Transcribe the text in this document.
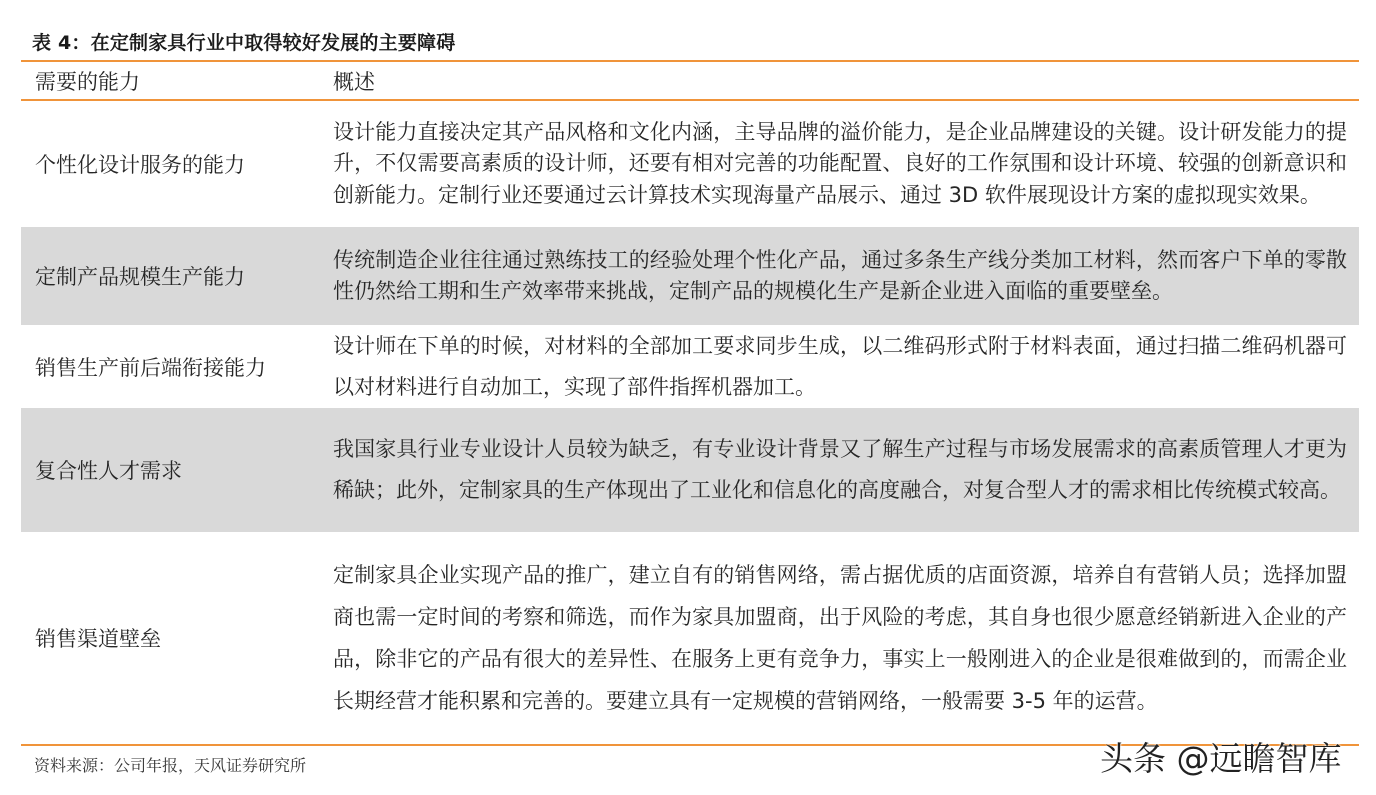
表 4：在定制家具行业中取得较好发展的主要障碍
需要的能力	概述
个性化设计服务的能力

设计能力直接决定其产品风格和文化内涵，主导品牌的溢价能力，是企业品牌建设的关键。设计研发能力的提升，不仅需要高素质的设计师，还要有相对完善的功能配置、良好的工作氛围和设计环境、较强的创新意识和创新能力。定制行业还要通过云计算技术实现海量产品展示、通过 3D 软件展现设计方案的虚拟现实效果。

定制产品规模生产能力

传统制造企业往往通过熟练技工的经验处理个性化产品，通过多条生产线分类加工材料，然而客户下单的零散性仍然给工期和生产效率带来挑战，定制产品的规模化生产是新企业进入面临的重要壁垒。

销售生产前后端衔接能力

设计师在下单的时候，对材料的全部加工要求同步生成，以二维码形式附于材料表面，通过扫描二维码机器可以对材料进行自动加工，实现了部件指挥机器加工。

复合性人才需求

我国家具行业专业设计人员较为缺乏，有专业设计背景又了解生产过程与市场发展需求的高素质管理人才更为稀缺；此外，定制家具的生产体现出了工业化和信息化的高度融合，对复合型人才的需求相比传统模式较高。

销售渠道壁垒

定制家具企业实现产品的推广，建立自有的销售网络，需占据优质的店面资源，培养自有营销人员；选择加盟商也需一定时间的考察和筛选，而作为家具加盟商，出于风险的考虑，其自身也很少愿意经销新进入企业的产品，除非它的产品有很大的差异性、在服务上更有竞争力，事实上一般刚进入的企业是很难做到的，而需企业长期经营才能积累和完善的。要建立具有一定规模的营销网络，一般需要 3-5 年的运营。

资料来源：公司年报，天风证券研究所	头条 @远瞻智库
